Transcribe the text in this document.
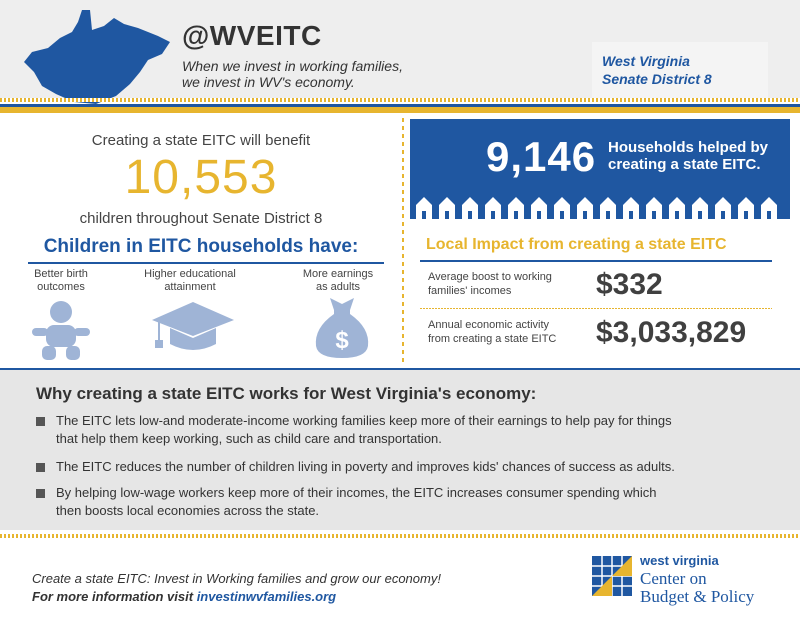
@WVEITC
When we invest in working families,
we invest in WV's economy.
West Virginia
Senate District 8
Creating a state EITC will benefit
10,553
children throughout Senate District 8
Children in EITC households have:
Better birth
outcomes
Higher educational
attainment
More earnings
as adults
$
9,146 Households helped by
creating a state EITC.
Local Impact from creating a state EITC
Average boost to working
families' incomes	$332
Annual economic activity
from creating a state EITC	$3,033,829
Why creating a state EITC works for West Virginia's economy:
The EITC lets low-and moderate-income working families keep more of their earnings to help pay for things
that help them keep working, such as child care and transportation.
The EITC reduces the number of children living in poverty and improves kids' chances of success as adults.
By helping low-wage workers keep more of their incomes, the EITC increases consumer spending which
then boosts local economies across the state.
Create a state EITC: Invest in Working families and grow our economy!
For more information visit investinwvfamilies.org
west virginia
Center on
Budget & Policy
